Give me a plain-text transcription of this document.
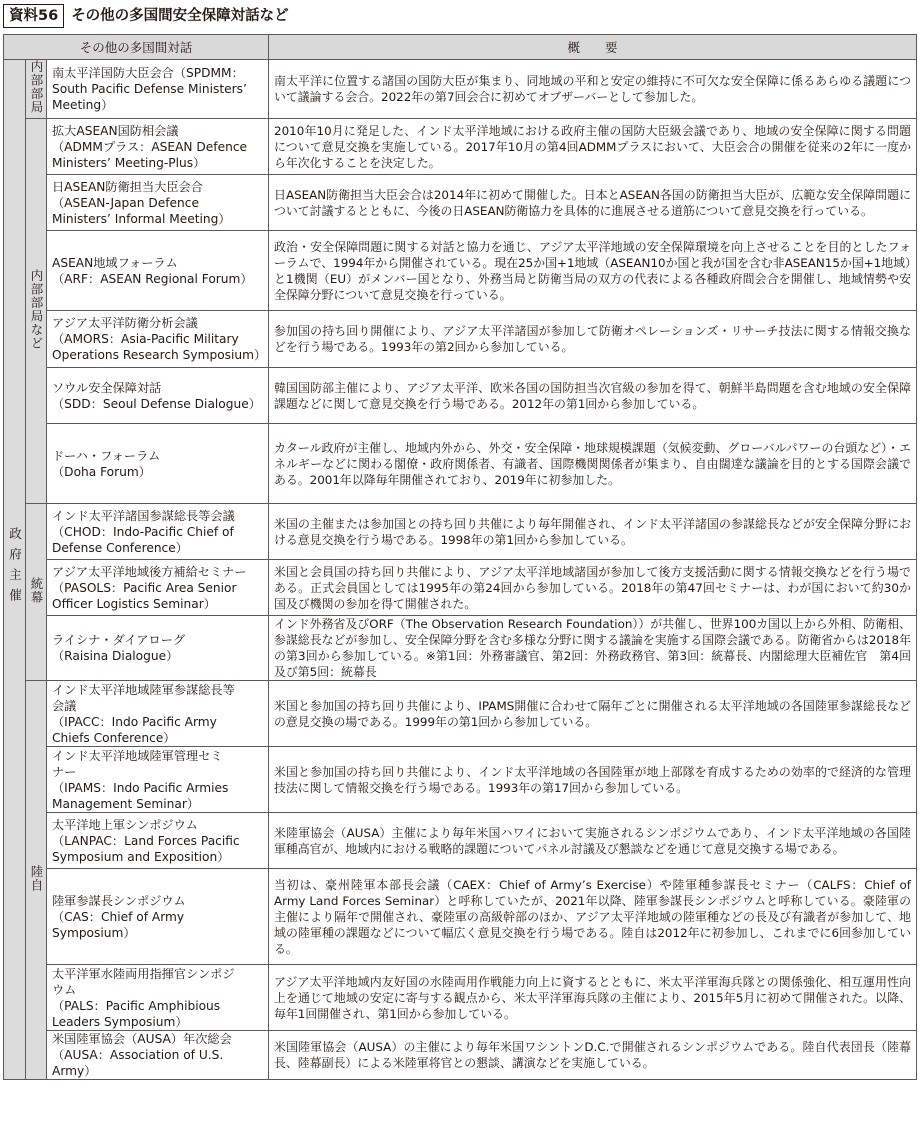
資料56 その他の多国間安全保障対話など
その他の多国間対話			概　　要
政府主催	内部部局	南太平洋国防大臣会合（SPDMM：
South Pacific Defense Ministers’
Meeting）	南太平洋に位置する諸国の国防大臣が集まり、同地域の平和と安定の維持に不可欠な安全保障に係るあらゆる議題について議論する会合。2022年の第7回会合に初めてオブザーバーとして参加した。
	内部部局など	拡大ASEAN国防相会議
（ADMMプラス：ASEAN Defence
Ministers’ Meeting-Plus）	2010年10月に発足した、インド太平洋地域における政府主催の国防大臣級会議であり、地域の安全保障に関する問題について意見交換を実施している。2017年10月の第4回ADMMプラスにおいて、大臣会合の開催を従来の2年に一度から年次化することを決定した。

		日ASEAN防衛担当大臣会合
（ASEAN-Japan Defence
Ministers’ Informal Meeting）	日ASEAN防衛担当大臣会合は2014年に初めて開催した。日本とASEAN各国の防衛担当大臣が、広範な安全保障問題について討議するとともに、今後の日ASEAN防衛協力を具体的に進展させる道筋について意見交換を行っている。

		ASEAN地域フォーラム
（ARF：ASEAN Regional Forum）	政治・安全保障問題に関する対話と協力を通じ、アジア太平洋地域の安全保障環境を向上させることを目的としたフォーラムで、1994年から開催されている。現在25か国+1地域（ASEAN10か国と我が国を含む非ASEAN15か国+1地域）と1機関（EU）がメンバー国となり、外務当局と防衛当局の双方の代表による各種政府間会合を開催し、地域情勢や安全保障分野について意見交換を行っている。

		アジア太平洋防衛分析会議
（AMORS：Asia-Pacific Military
Operations Research Symposium）	参加国の持ち回り開催により、アジア太平洋諸国が参加して防衛オペレーションズ・リサーチ技法に関する情報交換などを行う場である。1993年の第2回から参加している。

		ソウル安全保障対話
（SDD：Seoul Defense Dialogue）	韓国国防部主催により、アジア太平洋、欧米各国の国防担当次官級の参加を得て、朝鮮半島問題を含む地域の安全保障課題などに関して意見交換を行う場である。2012年の第1回から参加している。

		ドーハ・フォーラム
（Doha Forum）	カタール政府が主催し、地域内外から、外交・安全保障・地球規模課題（気候変動、グローバルパワーの台頭など）・エネルギーなどに関わる閣僚・政府関係者、有識者、国際機関関係者が集まり、自由闊達な議論を目的とする国際会議である。2001年以降毎年開催されており、2019年に初参加した。
	統幕	インド太平洋諸国参謀総長等会議
（CHOD：Indo-Pacific Chief of
Defense Conference）	米国の主催または参加国との持ち回り共催により毎年開催され、インド太平洋諸国の参謀総長などが安全保障分野における意見交換を行う場である。1998年の第1回から参加している。

		アジア太平洋地域後方補給セミナー
（PASOLS：Pacific Area Senior
Officer Logistics Seminar）	米国と会員国の持ち回り共催により、アジア太平洋地域諸国が参加して後方支援活動に関する情報交換などを行う場である。正式会員国としては1995年の第24回から参加している。2018年の第47回セミナーは、わが国において約30か国及び機関の参加を得て開催された。

		ライシナ・ダイアローグ
（Raisina Dialogue）	インド外務省及びORF（The Observation Research Foundation））が共催し、世界100カ国以上から外相、防衛相、参謀総長などが参加し、安全保障分野を含む多様な分野に関する議論を実施する国際会議である。防衛省からは2018年の第3回から参加している。※第1回：外務審議官、第2回：外務政務官、第3回：統幕長、内閣総理大臣補佐官　第4回及び第5回：統幕長
	陸自	インド太平洋地域陸軍参謀総長等
会議
（IPACC：Indo Pacific Army
Chiefs Conference）	米国と参加国の持ち回り共催により、IPAMS開催に合わせて隔年ごとに開催される太平洋地域の各国陸軍参謀総長などの意見交換の場である。1999年の第1回から参加している。

		インド太平洋地域陸軍管理セミ
ナー
（IPAMS：Indo Pacific Armies
Management Seminar）	米国と参加国の持ち回り共催により、インド太平洋地域の各国陸軍が地上部隊を育成するための効率的で経済的な管理技法に関して情報交換を行う場である。1993年の第17回から参加している。

		太平洋地上軍シンポジウム
（LANPAC：Land Forces Pacific
Symposium and Exposition）	米陸軍協会（AUSA）主催により毎年米国ハワイにおいて実施されるシンポジウムであり、インド太平洋地域の各国陸軍種高官が、地域内における戦略的課題についてパネル討議及び懇談などを通じて意見交換する場である。

		陸軍参謀長シンポジウム
（CAS：Chief of Army Symposium）	当初は、豪州陸軍本部長会議（CAEX：Chief of Army’s Exercise）や陸軍種参謀長セミナー（CALFS：Chief of Army Land Forces Seminar）と呼称していたが、2021年以降、陸軍参謀長シンポジウムと呼称している。豪陸軍の主催により隔年で開催され、豪陸軍の高級幹部のほか、アジア太平洋地域の陸軍種などの長及び有識者が参加して、地域の陸軍種の課題などについて幅広く意見交換を行う場である。陸自は2012年に初参加し、これまでに6回参加している。

		太平洋軍水陸両用指揮官シンポジ
ウム
（PALS：Pacific Amphibious
Leaders Symposium）	アジア太平洋地域内友好国の水陸両用作戦能力向上に資するとともに、米太平洋軍海兵隊との関係強化、相互運用性向上を通じて地域の安定に寄与する観点から、米太平洋軍海兵隊の主催により、2015年5月に初めて開催された。以降、毎年1回開催され、第1回から参加している。

		米国陸軍協会（AUSA）年次総会
（AUSA：Association of U.S. Army）	米国陸軍協会（AUSA）の主催により毎年米国ワシントンD.C.で開催されるシンポジウムである。陸自代表団長（陸幕長、陸幕副長）による米陸軍将官との懇談、講演などを実施している。
